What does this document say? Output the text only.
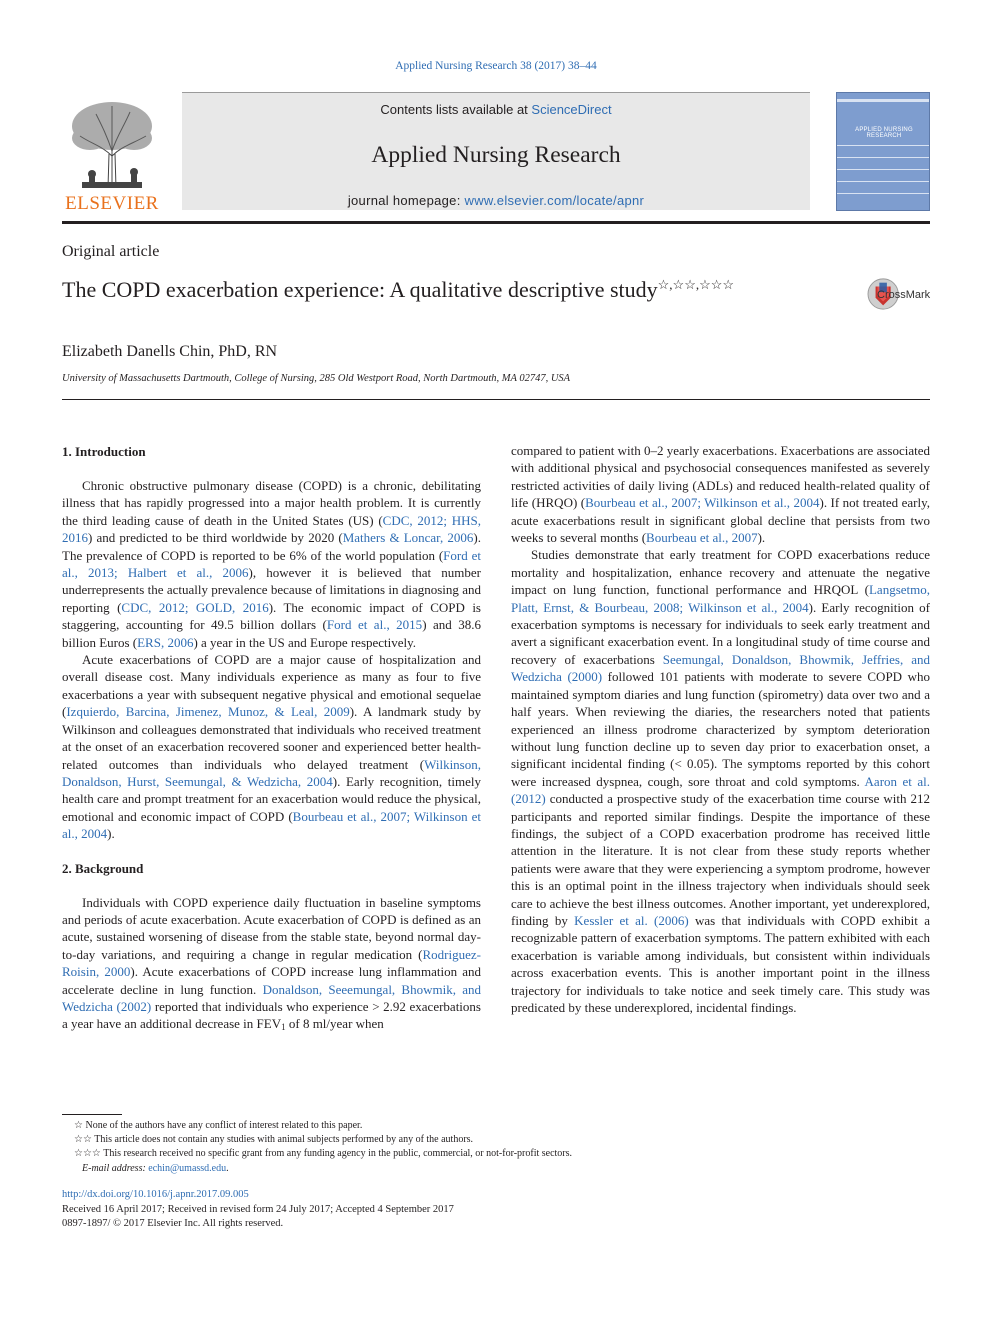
Applied Nursing Research 38 (2017) 38–44
ELSEVIER
Contents lists available at ScienceDirect
Applied Nursing Research
journal homepage: www.elsevier.com/locate/apnr
APPLIED NURSING RESEARCH
Original article
The COPD exacerbation experience: A qualitative descriptive study☆,☆☆,☆☆☆
CrossMark
Elizabeth Danells Chin, PhD, RN
University of Massachusetts Dartmouth, College of Nursing, 285 Old Westport Road, North Dartmouth, MA 02747, USA
1. Introduction

Chronic obstructive pulmonary disease (COPD) is a chronic, debilitating illness that has rapidly progressed into a major health problem. It is currently the third leading cause of death in the United States (US) (CDC, 2012; HHS, 2016) and predicted to be third worldwide by 2020 (Mathers & Loncar, 2006). The prevalence of COPD is reported to be 6% of the world population (Ford et al., 2013; Halbert et al., 2006), however it is believed that number underrepresents the actually prevalence because of limitations in diagnosing and reporting (CDC, 2012; GOLD, 2016). The economic impact of COPD is staggering, accounting for 49.5 billion dollars (Ford et al., 2015) and 38.6 billion Euros (ERS, 2006) a year in the US and Europe respectively.

Acute exacerbations of COPD are a major cause of hospitalization and overall disease cost. Many individuals experience as many as four to five exacerbations a year with subsequent negative physical and emotional sequelae (Izquierdo, Barcina, Jimenez, Munoz, & Leal, 2009). A landmark study by Wilkinson and colleagues demonstrated that individuals who received treatment at the onset of an exacerbation recovered sooner and experienced better health-related outcomes than individuals who delayed treatment (Wilkinson, Donaldson, Hurst, Seemungal, & Wedzicha, 2004). Early recognition, timely health care and prompt treatment for an exacerbation would reduce the physical, emotional and economic impact of COPD (Bourbeau et al., 2007; Wilkinson et al., 2004).

2. Background

Individuals with COPD experience daily fluctuation in baseline symptoms and periods of acute exacerbation. Acute exacerbation of COPD is defined as an acute, sustained worsening of disease from the stable state, beyond normal day-to-day variations, and requiring a change in regular medication (Rodriguez-Roisin, 2000). Acute exacerbations of COPD increase lung inflammation and accelerate decline in lung function. Donaldson, Seeemungal, Bhowmik, and Wedzicha (2002) reported that individuals who experience > 2.92 exacerbations a year have an additional decrease in $FEV_1$ of 8 ml/year when

compared to patient with 0–2 yearly exacerbations. Exacerbations are associated with additional physical and psychosocial consequences manifested as severely restricted activities of daily living (ADLs) and reduced health-related quality of life (HRQO) (Bourbeau et al., 2007; Wilkinson et al., 2004). If not treated early, acute exacerbations result in significant global decline that persists from two weeks to several months (Bourbeau et al., 2007).

Studies demonstrate that early treatment for COPD exacerbations reduce mortality and hospitalization, enhance recovery and attenuate the negative impact on lung function, functional performance and HRQOL (Langsetmo, Platt, Ernst, & Bourbeau, 2008; Wilkinson et al., 2004). Early recognition of exacerbation symptoms is necessary for individuals to seek early treatment and avert a significant exacerbation event. In a longitudinal study of time course and recovery of exacerbations Seemungal, Donaldson, Bhowmik, Jeffries, and Wedzicha (2000) followed 101 patients with moderate to severe COPD who maintained symptom diaries and lung function (spirometry) data over two and a half years. When reviewing the diaries, the researchers noted that patients experienced an illness prodrome characterized by symptom deterioration without lung function decline up to seven day prior to exacerbation onset, a significant incidental finding (< 0.05). The symptoms reported by this cohort were increased dyspnea, cough, sore throat and cold symptoms. Aaron et al. (2012) conducted a prospective study of the exacerbation time course with 212 participants and reported similar findings. Despite the importance of these findings, the subject of a COPD exacerbation prodrome has received little attention in the literature. It is not clear from these study reports whether patients were aware that they were experiencing a symptom prodrome, however this is an optimal point in the illness trajectory when individuals should seek care to achieve the best illness outcomes. Another important, yet underexplored, finding by Kessler et al. (2006) was that individuals with COPD exhibit a recognizable pattern of exacerbation symptoms. The pattern exhibited with each exacerbation is variable among individuals, but consistent within individuals across exacerbation events. This is another important point in the illness trajectory for individuals to take notice and seek timely care. This study was predicated by these underexplored, incidental findings.

☆ None of the authors have any conflict of interest related to this paper.
☆☆ This article does not contain any studies with animal subjects performed by any of the authors.
☆☆☆ This research received no specific grant from any funding agency in the public, commercial, or not-for-profit sectors.
E-mail address: echin@umassd.edu.
http://dx.doi.org/10.1016/j.apnr.2017.09.005
Received 16 April 2017; Received in revised form 24 July 2017; Accepted 4 September 2017
0897-1897/ © 2017 Elsevier Inc. All rights reserved.
